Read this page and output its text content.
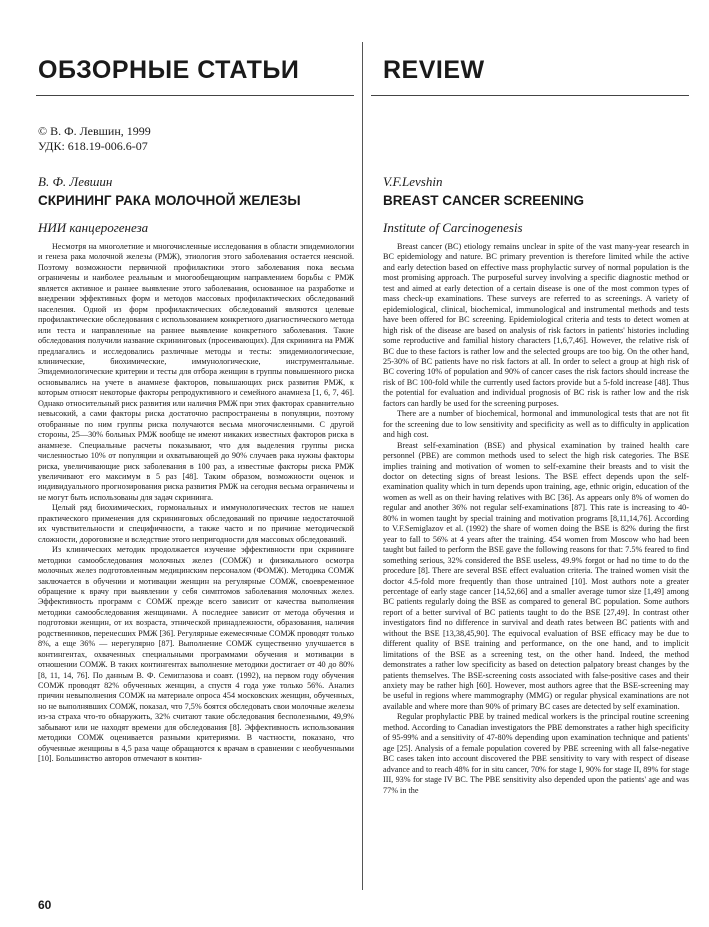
ОБЗОРНЫЕ СТАТЬИ
© В. Ф. Левшин, 1999
УДК: 618.19-006.6-07
В. Ф. Левшин
СКРИНИНГ РАКА МОЛОЧНОЙ ЖЕЛЕЗЫ
НИИ канцерогенеза

Несмотря на многолетние и многочисленные исследования в области эпидемиологии и генеза рака молочной железы (РМЖ), этиология этого заболевания остается неясной. Поэтому возможности первичной профилактики этого заболевания пока весьма ограничены и наиболее реальным и многообещающим направлением борьбы с РМЖ является активное и раннее выявление этого заболевания, основанное на разработке и внедрении эффективных форм и методов массовых профилактических обследований населения. Одной из форм профилактических обследований являются целевые профилактические обследования с использованием конкретного диагностического метода или теста и направленные на раннее выявление конкретного заболевания. Такие обследования получили название скрининговых (просеивающих). Для скрининга на РМЖ предлагались и исследовались различные методы и тесты: эпидемиологические, клинические, биохимические, иммунологические, инструментальные. Эпидемиологические критерии и тесты для отбора женщин в группы повышенного риска основывались на учете в анамнезе факторов, повышающих риск развития РМЖ, к которым относят некоторые факторы репродуктивного и семейного анамнеза [1, 6, 7, 46]. Однако относительный риск развития или наличия РМЖ при этих факторах сравнительно невысокий, а сами факторы риска достаточно распространены в популяции, поэтому отобранные по ним группы риска получаются весьма многочисленными. С другой стороны, 25—30% больных РМЖ вообще не имеют никаких известных факторов риска в анамнезе. Специальные расчеты показывают, что для выделения группы риска численностью 10% от популяции и охватывающей до 90% случаев рака нужны факторы риска, увеличивающие риск заболевания в 100 раз, а известные факторы риска РМЖ увеличивают его максимум в 5 раз [48]. Таким образом, возможности оценок и индивидуального прогнозирования риска развития РМЖ на сегодня весьма ограничены и не могут быть использованы для задач скрининга.

Целый ряд биохимических, гормональных и иммунологических тестов не нашел практического применения для скрининговых обследований по причине недостаточной их чувствительности и специфичности, а также часто и по причине методической сложности, дороговизне и вследствие этого непригодности для массовых обследований.

Из клинических методик продолжается изучение эффективности при скрининге методики самообследования молочных желез (СОМЖ) и физикального осмотра молочных желез подготовленным медицинским персоналом (ФОМЖ). Методика СОМЖ заключается в обучении и мотивации женщин на регулярные СОМЖ, своевременное обращение к врачу при выявлении у себя симптомов заболевания молочных желез. Эффективность программ с СОМЖ прежде всего зависит от качества выполнения методики самообследования женщинами. А последнее зависит от метода обучения и подготовки женщин, от их возраста, этнической принадлежности, образования, наличия родственников, перенесших РМЖ [36]. Регулярные ежемесячные СОМЖ проводят только 8%, а еще 36% — нерегулярно [87]. Выполнение СОМЖ существенно улучшается в контингентах, охваченных специальными программами обучения и мотивации в отношении СОМЖ. В таких контингентах выполнение методики достигает от 40 до 80% [8, 11, 14, 76]. По данным В. Ф. Семиглазова и соавт. (1992), на первом году обучения СОМЖ проводят 82% обученных женщин, а спустя 4 года уже только 56%. Анализ причин невыполнения СОМЖ на материале опроса 454 московских женщин, обученных, но не выполнявших СОМЖ, показал, что 7,5% боятся обследовать свои молочные железы из-за страха что-то обнаружить, 32% считают такие обследования бесполезными, 49,9% забывают или не находят времени для обследования [8]. Эффективность использования методики СОМЖ оценивается разными критериями. В частности, показано, что обученные женщины в 4,5 раза чаще обращаются к врачам в сравнении с необученными [10]. Большинство авторов отмечают в контин-

REVIEW
V.F.Levshin
BREAST CANCER SCREENING
Institute of Carcinogenesis

Breast cancer (BC) etiology remains unclear in spite of the vast many-year research in BC epidemiology and nature. BC primary prevention is therefore limited while the active and early detection based on effective mass prophylactic survey of normal population is the most promising approach. The purposeful survey involving a specific diagnostic method or test and aimed at early detection of a certain disease is one of the most common types of mass check-up examinations. These surveys are referred to as screenings. A variety of epidemiological, clinical, biochemical, immunological and instrumental methods and tests have been offered for BC screening. Epidemiological criteria and tests to detect women at high risk of the disease are based on analysis of risk factors in patients' histories including some reproductive and familial history characters [1,6,7,46]. However, the relative risk of BC due to these factors is rather low and the selected groups are too big. On the other hand, 25-30% of BC patients have no risk factors at all. In order to select a group at high risk of BC covering 10% of population and 90% of cancer cases the risk factors should increase the risk of BC 100-fold while the currently used factors provide but a 5-fold increase [48]. Thus the potential for evaluation and individual prognosis of BC risk is rather low and the risk factors can hardly be used for the screening purposes.

There are a number of biochemical, hormonal and immunological tests that are not fit for the screening due to low sensitivity and specificity as well as to difficulty in application and high cost.

Breast self-examination (BSE) and physical examination by trained health care personnel (PBE) are common methods used to select the high risk categories. The BSE implies training and motivation of women to self-examine their breasts and to visit the doctor on detecting signs of breast lesions. The BSE effect depends upon the self-examination quality which in turn depends upon training, age, ethnic origin, education of the women as well as on their having relatives with BC [36]. As appears only 8% of women do regular and another 36% not regular self-examinations [87]. This rate is increasing to 40-80% in women taught by special training and motivation programs [8,11,14,76]. According to V.F.Semiglazov et al. (1992) the share of women doing the BSE is 82% during the first year to fall to 56% at 4 years after the training. 454 women from Moscow who had been taught but failed to perform the BSE gave the following reasons for that: 7.5% feared to find something serious, 32% considered the BSE useless, 49.9% forgot or had no time to do the procedure [8]. There are several BSE effect evaluation criteria. The trained women visit the doctor 4.5-fold more frequently than those untrained [10]. Most authors note a greater percentage of early stage cancer [14,52,66] and a smaller average tumor size [1,49] among BC patients regularly doing the BSE as compared to general BC population. Some authors report of a better survival of BC patients taught to do the BSE [27,49]. In contrast other investigators find no difference in survival and death rates between BC patients with and without the BSE [13,38,45,90]. The equivocal evaluation of BSE efficacy may be due to different quality of BSE training and performance, on the one hand, and to implicit limitations of the BSE as a screening test, on the other hand. Indeed, the method demonstrates a rather low specificity as based on detection palpatory breast changes by the patients themselves. The BSE-screening costs associated with false-positive cases and their anxiety may be rather high [60]. However, most authors agree that the BSE-screening may be useful in regions where mammography (MMG) or regular physical examinations are not available and where more than 90% of primary BC cases are detected by self examination.

Regular prophylactic PBE by trained medical workers is the principal routine screening method. According to Canadian investigators the PBE demonstrates a rather high specificity of 95-99% and a sensitivity of 47-80% depending upon examination technique and patients' age [25]. Analysis of a female population covered by PBE screening with all false-negative BC cases taken into account discovered the PBE sensitivity to vary with respect of disease advance and to reach 48% for in situ cancer, 70% for stage I, 90% for stage II, 89% for stage III, 93% for stage IV BC. The PBE sensitivity also depended upon the patients' age and was 77% in the

60
